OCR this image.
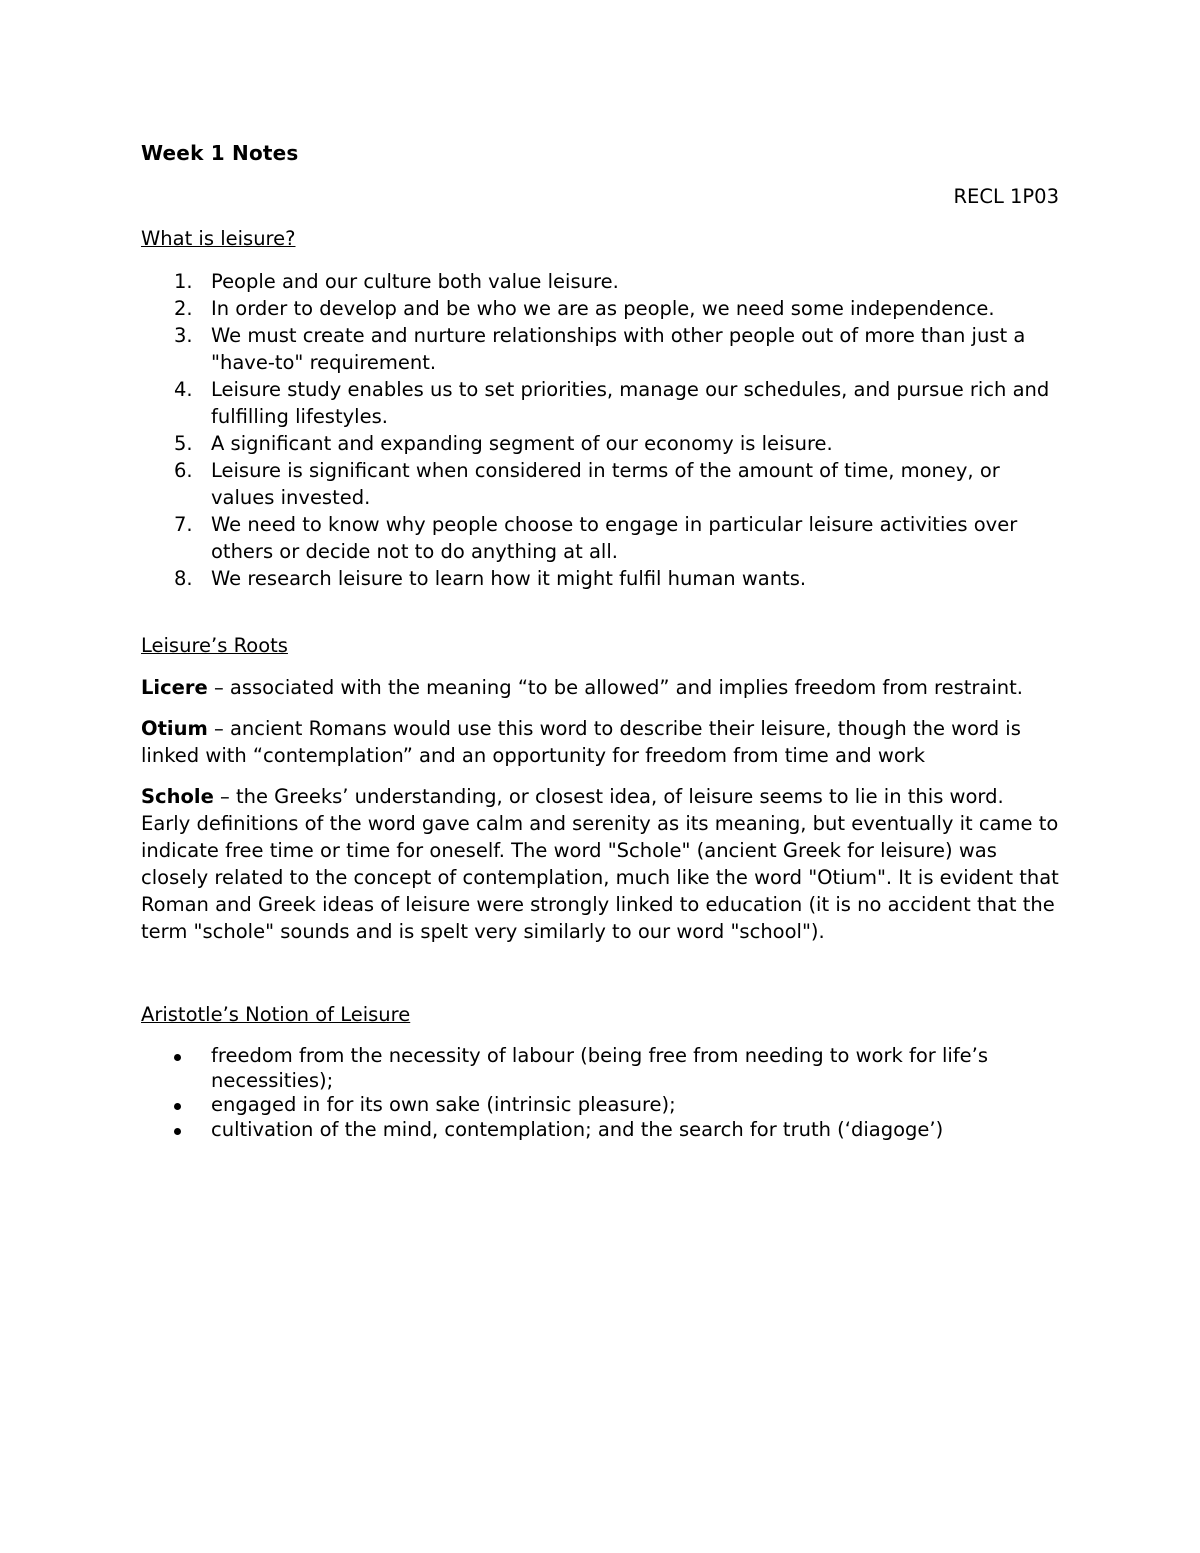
Week 1 Notes

RECL 1P03

What is leisure?

1. People and our culture both value leisure.
2. In order to develop and be who we are as people, we need some independence.
3. We must create and nurture relationships with other people out of more than just a "have-to" requirement.
4. Leisure study enables us to set priorities, manage our schedules, and pursue rich and fulfilling lifestyles.
5. A significant and expanding segment of our economy is leisure.
6. Leisure is significant when considered in terms of the amount of time, money, or values invested.
7. We need to know why people choose to engage in particular leisure activities over others or decide not to do anything at all.
8. We research leisure to learn how it might fulfil human wants.

Leisure’s Roots

Licere – associated with the meaning “to be allowed” and implies freedom from restraint.

Otium – ancient Romans would use this word to describe their leisure, though the word is linked with “contemplation” and an opportunity for freedom from time and work

Schole – the Greeks’ understanding, or closest idea, of leisure seems to lie in this word. Early definitions of the word gave calm and serenity as its meaning, but eventually it came to indicate free time or time for oneself. The word "Schole" (ancient Greek for leisure) was closely related to the concept of contemplation, much like the word "Otium". It is evident that Roman and Greek ideas of leisure were strongly linked to education (it is no accident that the term "schole" sounds and is spelt very similarly to our word "school").

Aristotle’s Notion of Leisure

freedom from the necessity of labour (being free from needing to work for life’s necessities);
engaged in for its own sake (intrinsic pleasure);
cultivation of the mind, contemplation; and the search for truth (‘diagoge’)
